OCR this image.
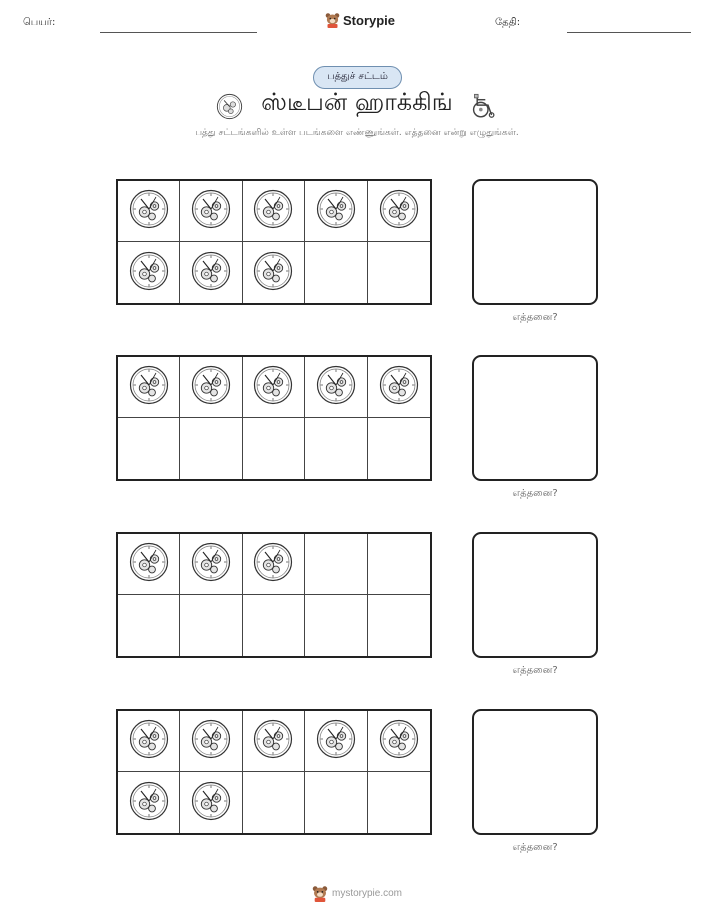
பெயர்:	Storypie	தேதி:
பத்துச் சட்டம்
ஸ்டீபன் ஹாக்கிங்
பத்து சட்டங்களில் உள்ள படங்களை எண்ணுங்கள். எத்தனை என்று எழுதுங்கள்.
எத்தனை?
எத்தனை?
எத்தனை?
எத்தனை?
mystorypie.com
